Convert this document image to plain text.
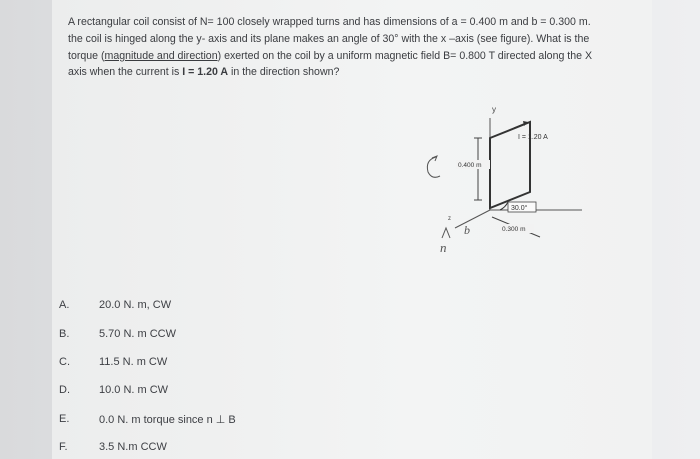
A rectangular coil consist of N= 100 closely wrapped turns and has dimensions of a = 0.400 m and b = 0.300 m. the coil is hinged along the y- axis and its plane makes an angle of 30° with the x –axis (see figure). What is the torque (magnitude and direction) exerted on the coil by a uniform magnetic field B= 0.800 T directed along the X axis when the current is I = 1.20 A in the direction shown?
y
z
I = 1.20 A
0.400 m
30.0°
0.300 m
n
b
A.	20.0 N. m, CW
B.	5.70 N. m CCW
C.	11.5 N. m CW
D.	10.0 N. m CW
E.	0.0 N. m torque since n ⊥ B
F.	3.5 N.m CCW
